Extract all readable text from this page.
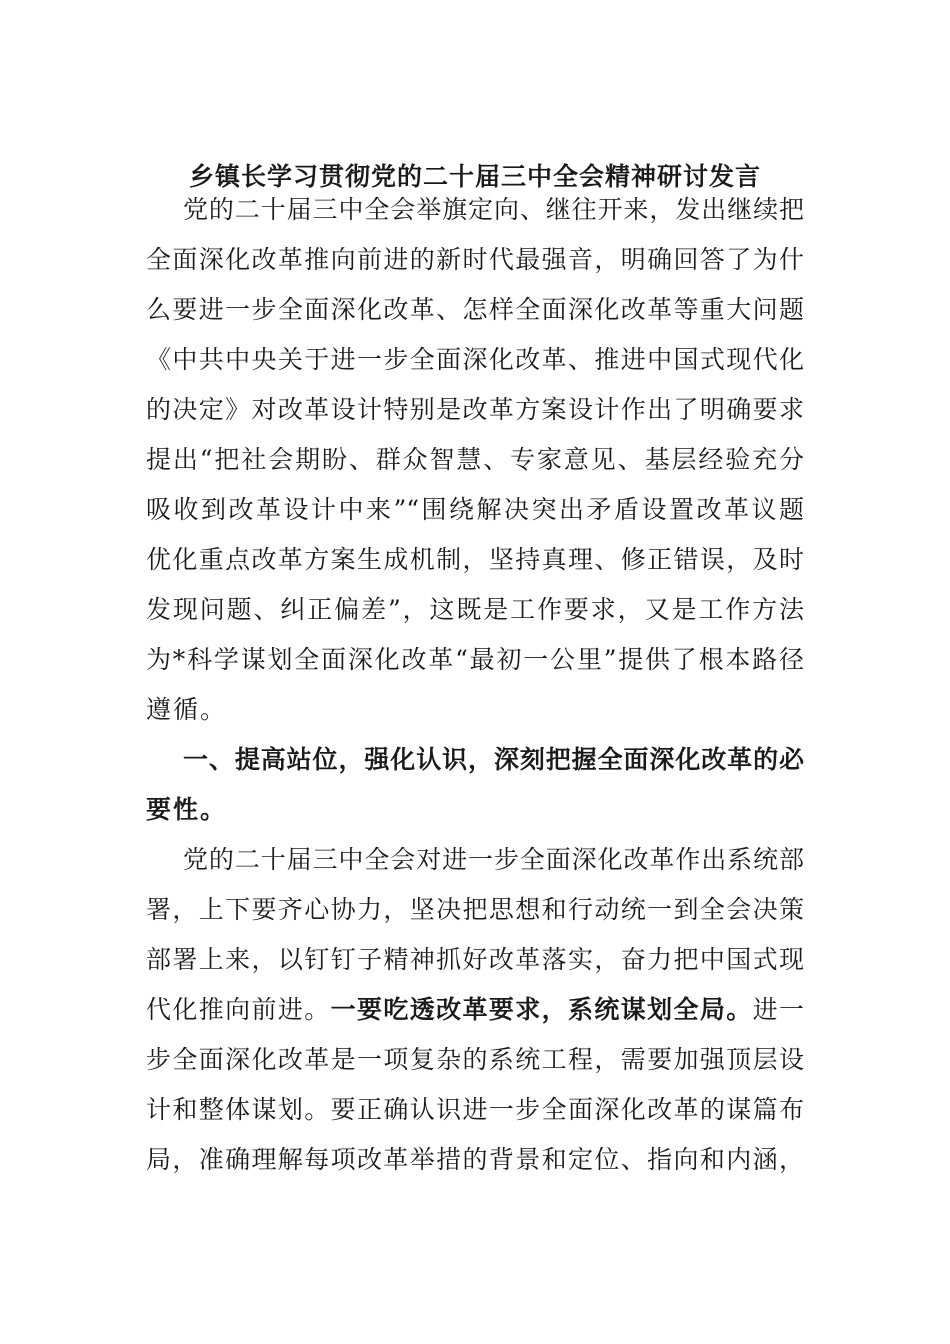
乡镇长学习贯彻党的二十届三中全会精神研讨发言
党的二十届三中全会举旗定向、继往开来，发出继续把
全面深化改革推向前进的新时代最强音，明确回答了为什
么要进一步全面深化改革、怎样全面深化改革等重大问题
《中共中央关于进一步全面深化改革、推进中国式现代化
的决定》对改革设计特别是改革方案设计作出了明确要求
提出“把社会期盼、群众智慧、专家意见、基层经验充分
吸收到改革设计中来”“围绕解决突出矛盾设置改革议题
优化重点改革方案生成机制，坚持真理、修正错误，及时
发现问题、纠正偏差”，这既是工作要求，又是工作方法
为*科学谋划全面深化改革“最初一公里”提供了根本路径
遵循。
一、提高站位，强化认识，深刻把握全面深化改革的必
要性。
党的二十届三中全会对进一步全面深化改革作出系统部
署，上下要齐心协力，坚决把思想和行动统一到全会决策
部署上来，以钉钉子精神抓好改革落实，奋力把中国式现
代化推向前进。一要吃透改革要求，系统谋划全局。进一
步全面深化改革是一项复杂的系统工程，需要加强顶层设
计和整体谋划。要正确认识进一步全面深化改革的谋篇布
局，准确理解每项改革举措的背景和定位、指向和内涵，
